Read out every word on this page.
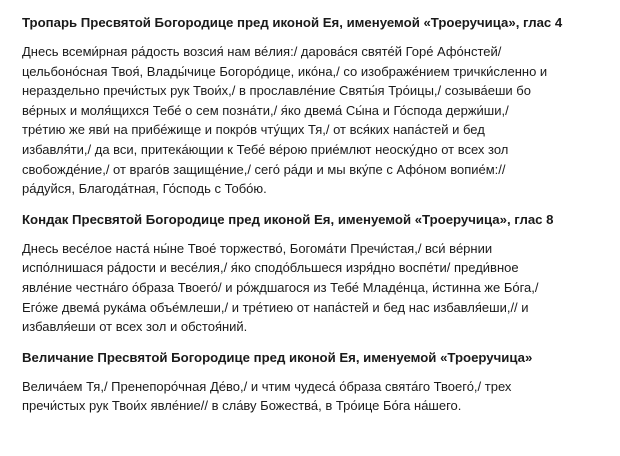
Тропарь Пресвятой Богородице пред иконой Ея, именуемой «Троеручица», глас 4

Днесь всеми́рная ра́дость возсия́ нам ве́лия:/ дарова́ся святе́й Горе́ Афо́нстей/

цельбоно́сная Твоя́, Влады́чице Богоро́дице, ико́на,/ со изображе́нием трички́сленно и

нераздельно пречи́стых рук Твои́х,/ в прославле́ние Святы́я Тро́ицы,/ созыва́еши бо

ве́рных и моля́щихся Тебе́ о сем позна́ти,/ я́ко двема́ Сы́на и Го́спода держи́ши,/

тре́тию же яви́ на прибе́жище и покро́в чту́щих Тя,/ от вся́ких напа́стей и бед

избавля́ти,/ да вси, притека́ющии к Тебе́ ве́рою прие́млют неоску́дно от всех зол

свобожде́ние,/ от враго́в защище́ние,/ сего́ ра́ди и мы вку́пе с Афо́ном вопие́м://

ра́дуйся, Благода́тная, Го́сподь с Тобо́ю.

Кондак Пресвятой Богородице пред иконой Ея, именуемой «Троеручица», глас 8

Днесь весе́лое наста́ ны́не Твое́ торжество́, Богома́ти Пречи́стая,/ вси́ ве́рнии

испо́лнишася ра́дости и весе́лия,/ я́ко сподо́бльшеся изря́дно воспе́ти/ преди́вное

явле́ние честна́го о́браза Твоего́/ и ро́ждшагося из Тебе́ Младе́нца, и́стинна же Бо́га,/

Его́же двема́ рука́ма объе́млеши,/ и тре́тиею от напа́стей и бед нас избавля́еши,// и

избавля́еши от всех зол и обстоя́ний.

Величание Пресвятой Богородице пред иконой Ея, именуемой «Троеручица»

Велича́ем Тя,/ Пренепоро́чная Де́во,/ и чтим чудеса́ о́браза свята́го Твоего́,/ трех

пречи́стых рук Твои́х явле́ние// в сла́ву Божества́, в Тро́ице Бо́га на́шего.
